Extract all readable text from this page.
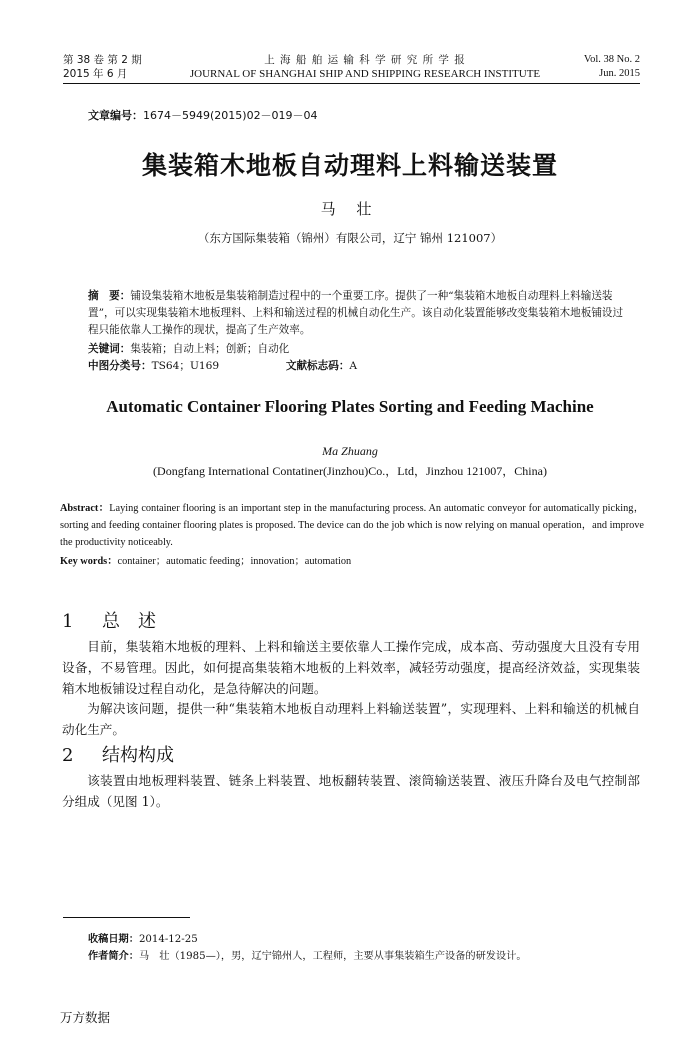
第 38 卷 第 2 期
2015 年 6 月
上 海 船 舶 运 输 科 学 研 究 所 学 报
JOURNAL OF SHANGHAI SHIP AND SHIPPING RESEARCH INSTITUTE
Vol. 38 No. 2
Jun. 2015
文章编号：1674－5949(2015)02－019－04
集装箱木地板自动理料上料输送装置
马 壮
（东方国际集装箱（锦州）有限公司，辽宁 锦州 121007）
摘　要：铺设集装箱木地板是集装箱制造过程中的一个重要工序。提供了一种“集装箱木地板自动理料上料输送装置”，可以实现集装箱木地板理料、上料和输送过程的机械自动化生产。该自动化装置能够改变集装箱木地板铺设过程只能依靠人工操作的现状，提高了生产效率。
关键词：集装箱；自动上料；创新；自动化
中图分类号：TS64；U169	文献标志码：A
Automatic Container Flooring Plates Sorting and Feeding Machine
Ma Zhuang
(Dongfang International Contatiner(Jinzhou)Co.，Ltd，Jinzhou 121007，China)
Abstract：Laying container flooring is an important step in the manufacturing process. An automatic conveyor for automatically picking，sorting and feeding container flooring plates is proposed. The device can do the job which is now relying on manual operation，and improve the productivity noticeably.
Key words：container；automatic feeding；innovation；automation
1 总　述
目前，集装箱木地板的理料、上料和输送主要依靠人工操作完成，成本高、劳动强度大且没有专用设备，不易管理。因此，如何提高集装箱木地板的上料效率，减轻劳动强度，提高经济效益，实现集装箱木地板铺设过程自动化，是急待解决的问题。
为解决该问题，提供一种“集装箱木地板自动理料上料输送装置”，实现理料、上料和输送的机械自动化生产。
2 结构构成
该装置由地板理料装置、链条上料装置、地板翻转装置、滚筒输送装置、液压升降台及电气控制部分组成（见图 1）。
收稿日期：2014-12-25
作者简介：马　壮（1985—），男，辽宁锦州人，工程师，主要从事集装箱生产设备的研发设计。
万方数据
